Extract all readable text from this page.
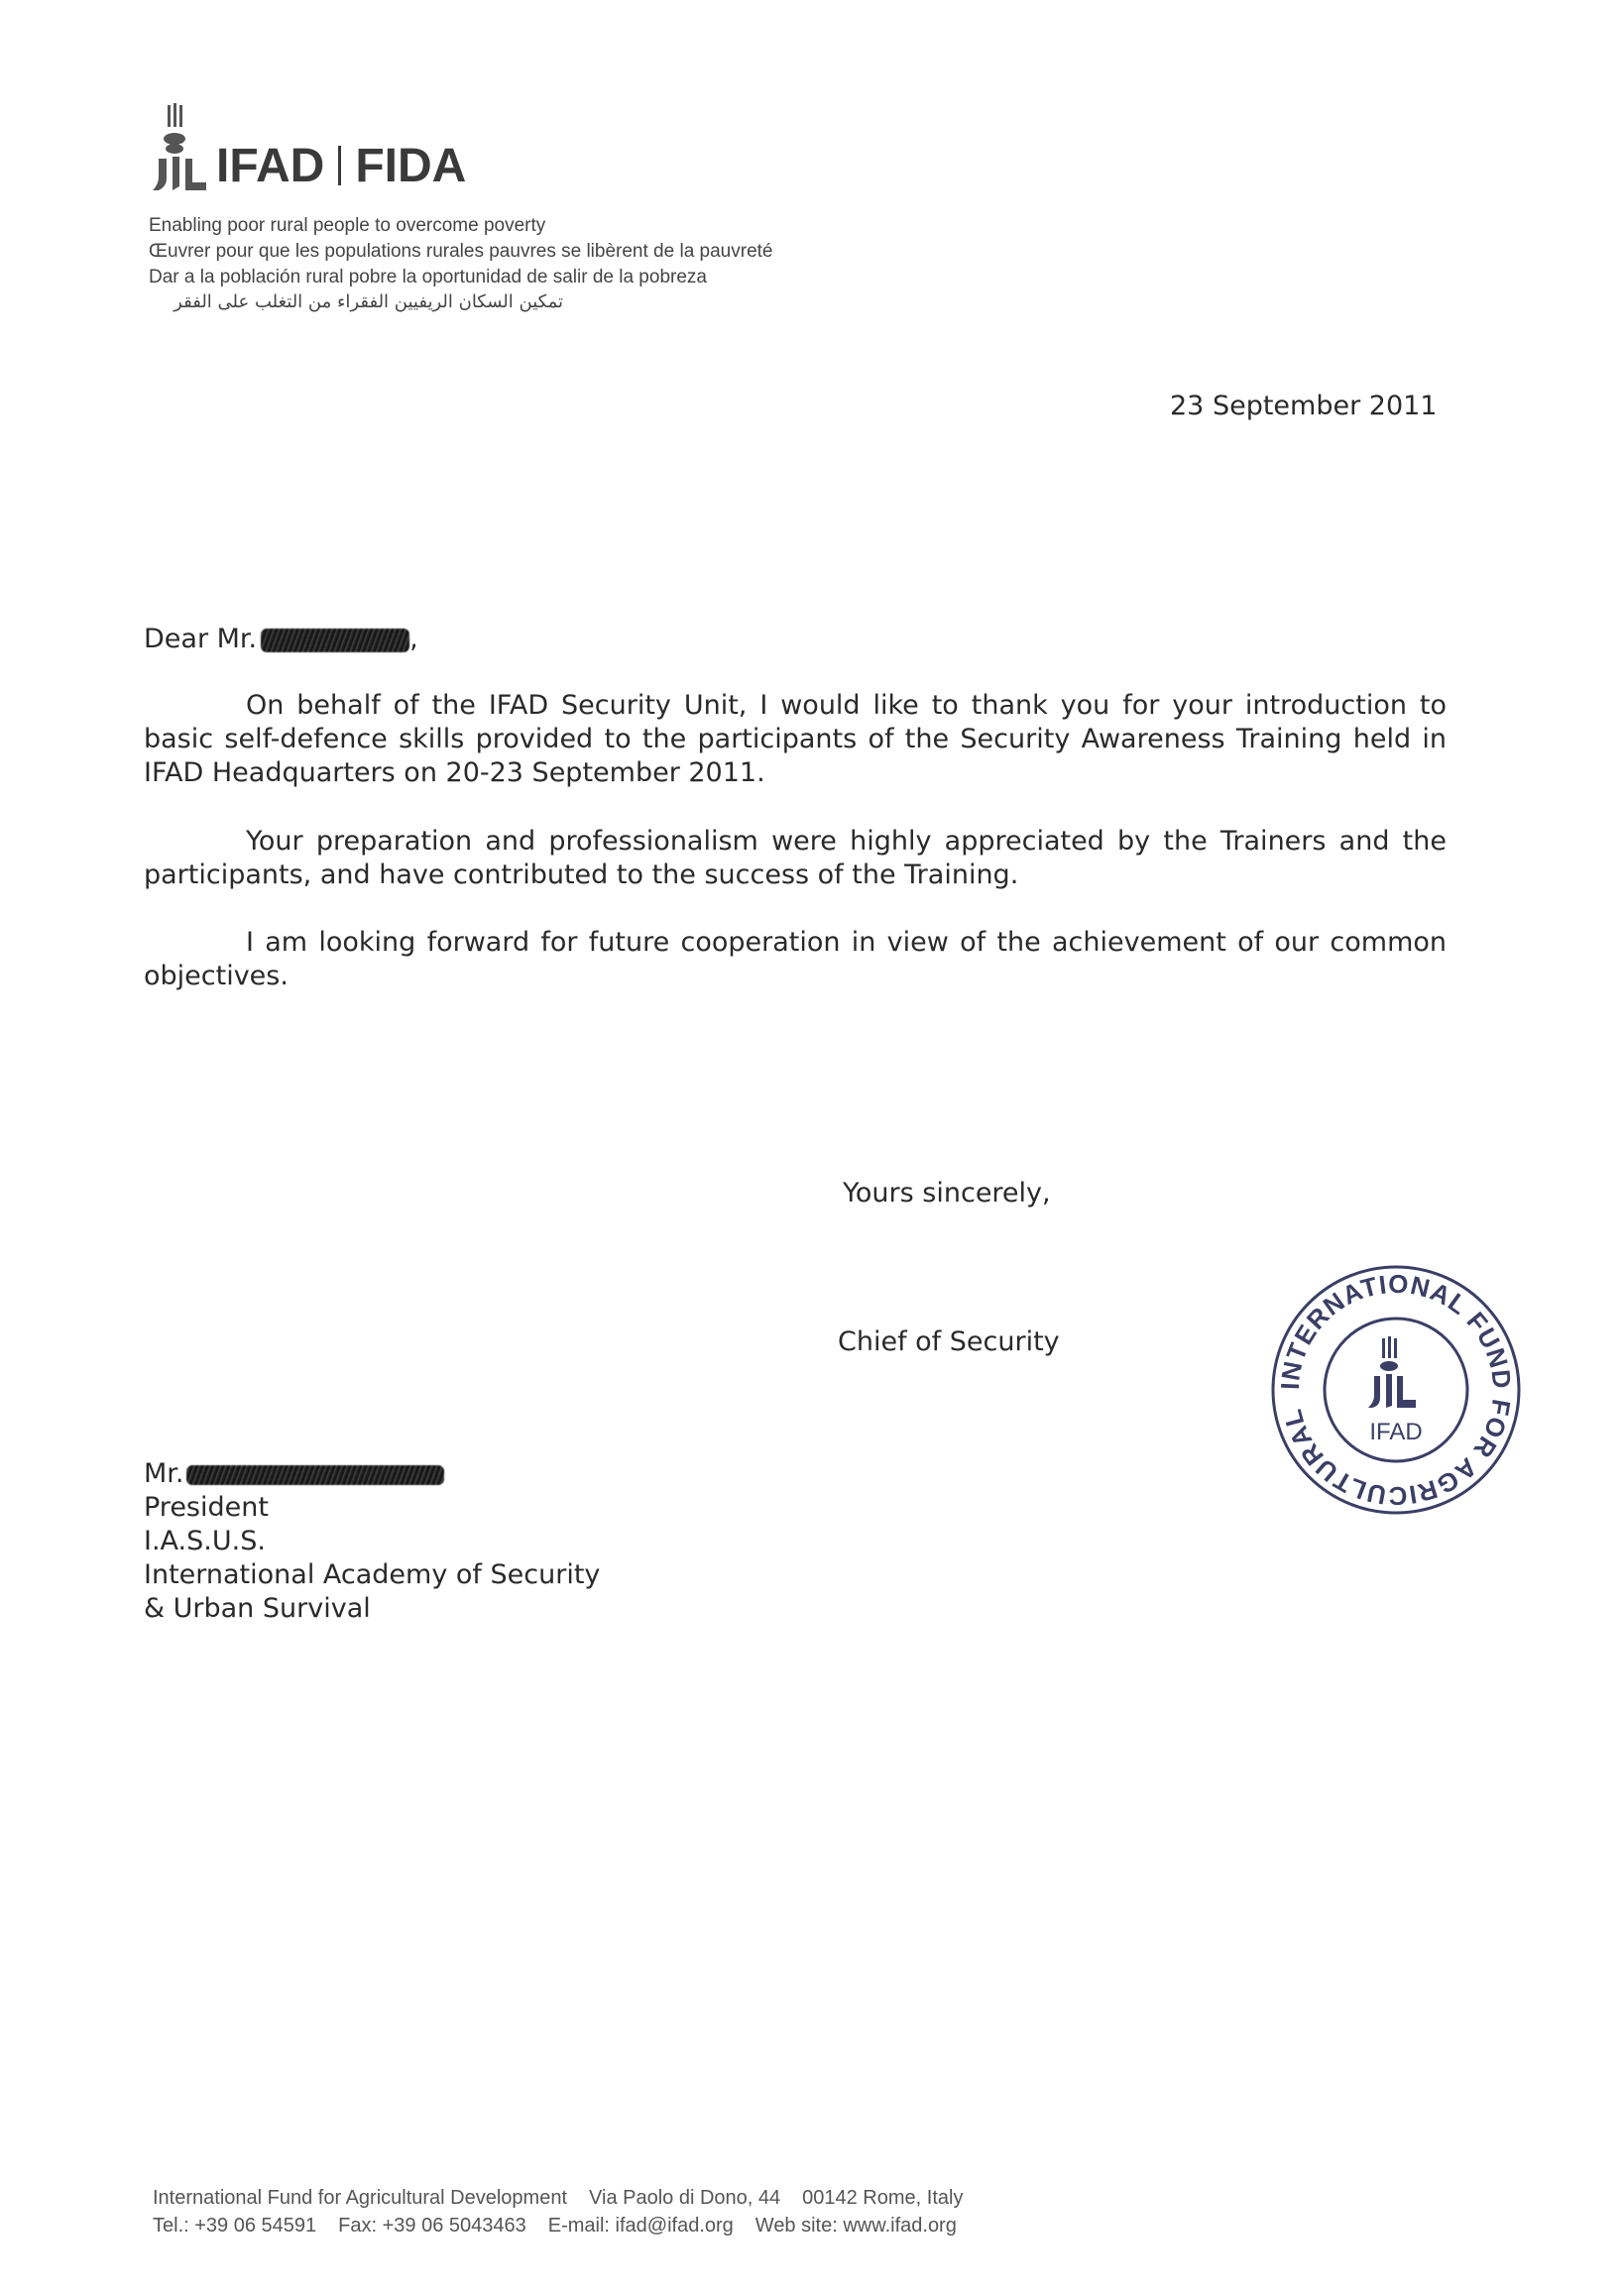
IFAD FIDA
Enabling poor rural people to overcome poverty
Œuvrer pour que les populations rurales pauvres se libèrent de la pauvreté
Dar a la población rural pobre la oportunidad de salir de la pobreza
تمكين السكان الريفيين الفقراء من التغلب على الفقر
23 September 2011
Dear Mr.	,
On behalf of the IFAD Security Unit, I would like to thank you for your introduction to basic self-defence skills provided to the participants of the Security Awareness Training held in IFAD Headquarters on 20-23 September 2011.
Your preparation and professionalism were highly appreciated by the Trainers and the participants, and have contributed to the success of the Training.
I am looking forward for future cooperation in view of the achievement of our common objectives.
Yours sincerely,
Chief of Security
INTERNATIONAL FUND FOR AGRICULTURAL
IFAD
Mr.
President
I.A.S.U.S.
International Academy of Security
& Urban Survival
International Fund for Agricultural Development Via Paolo di Dono, 44 00142 Rome, Italy
Tel.: +39 06 54591 Fax: +39 06 5043463 E-mail: ifad@ifad.org Web site: www.ifad.org
